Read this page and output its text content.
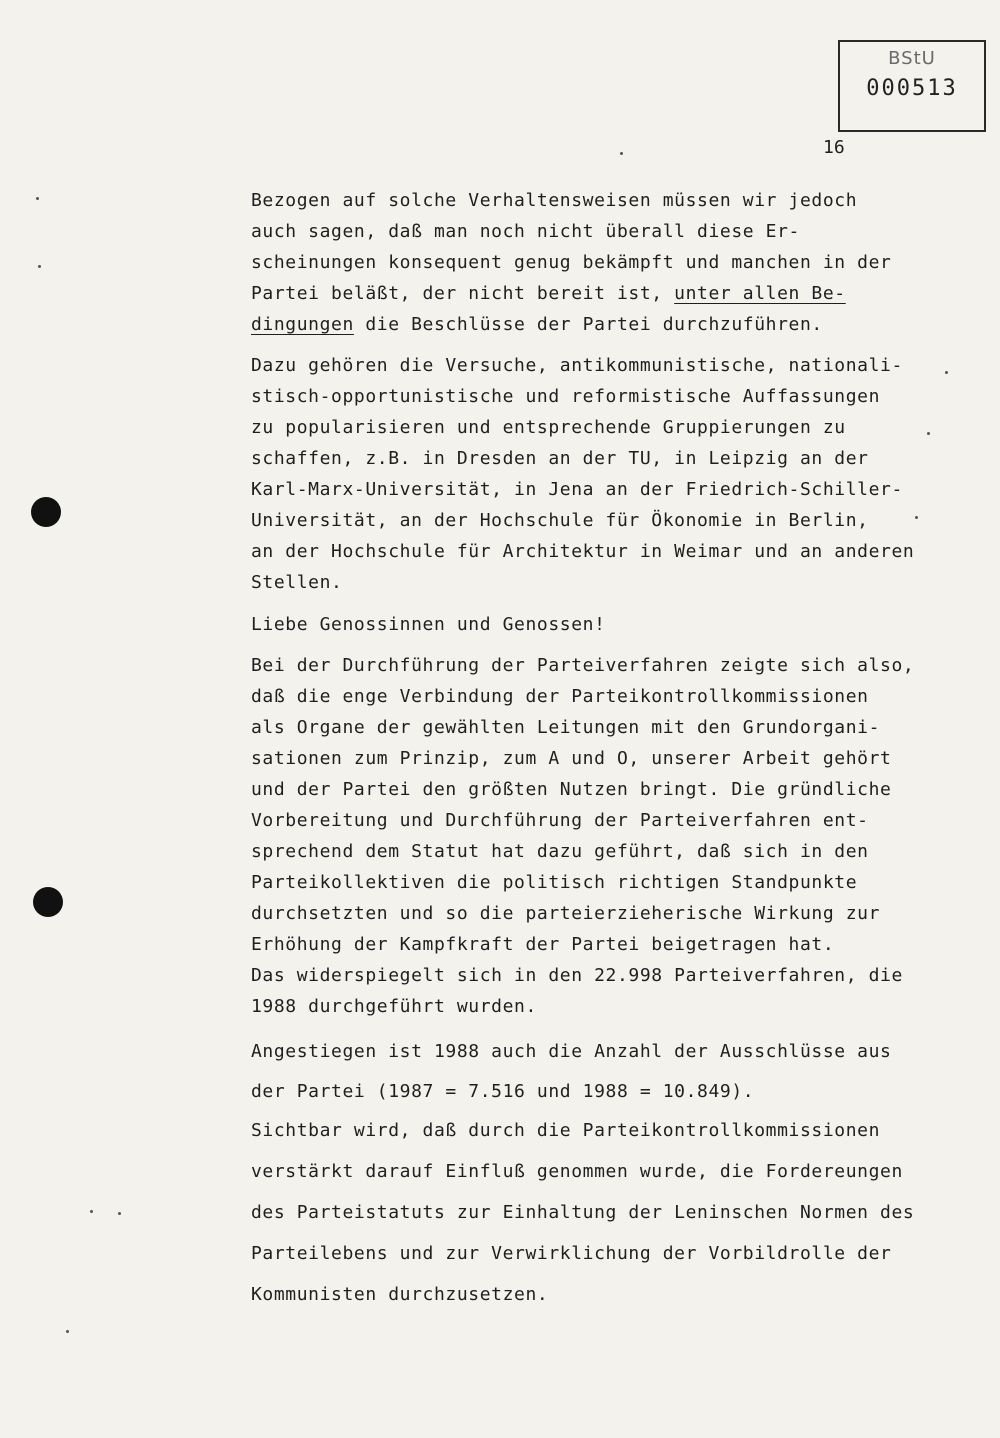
BStU
000513
16
Bezogen auf solche Verhaltensweisen müssen wir jedoch
auch sagen, daß man noch nicht überall diese Er-
scheinungen konsequent genug bekämpft und manchen in der
Partei beläßt, der nicht bereit ist, unter allen Be-
dingungen die Beschlüsse der Partei durchzuführen.
Dazu gehören die Versuche, antikommunistische, nationali-
stisch-opportunistische und reformistische Auffassungen
zu popularisieren und entsprechende Gruppierungen zu
schaffen, z.B. in Dresden an der TU, in Leipzig an der
Karl-Marx-Universität, in Jena an der Friedrich-Schiller-
Universität, an der Hochschule für Ökonomie in Berlin,
an der Hochschule für Architektur in Weimar und an anderen
Stellen.
Liebe Genossinnen und Genossen!
Bei der Durchführung der Parteiverfahren zeigte sich also,
daß die enge Verbindung der Parteikontrollkommissionen
als Organe der gewählten Leitungen mit den Grundorgani-
sationen zum Prinzip, zum A und O, unserer Arbeit gehört
und der Partei den größten Nutzen bringt. Die gründliche
Vorbereitung und Durchführung der Parteiverfahren ent-
sprechend dem Statut hat dazu geführt, daß sich in den
Parteikollektiven die politisch richtigen Standpunkte
durchsetzten und so die parteierzieherische Wirkung zur
Erhöhung der Kampfkraft der Partei beigetragen hat.
Das widerspiegelt sich in den 22.998 Parteiverfahren, die
1988 durchgeführt wurden.
Angestiegen ist 1988 auch die Anzahl der Ausschlüsse aus
der Partei (1987 = 7.516 und 1988 = 10.849).
Sichtbar wird, daß durch die Parteikontrollkommissionen
verstärkt darauf Einfluß genommen wurde, die Fordereungen
des Parteistatuts zur Einhaltung der Leninschen Normen des
Parteilebens und zur Verwirklichung der Vorbildrolle der
Kommunisten durchzusetzen.
